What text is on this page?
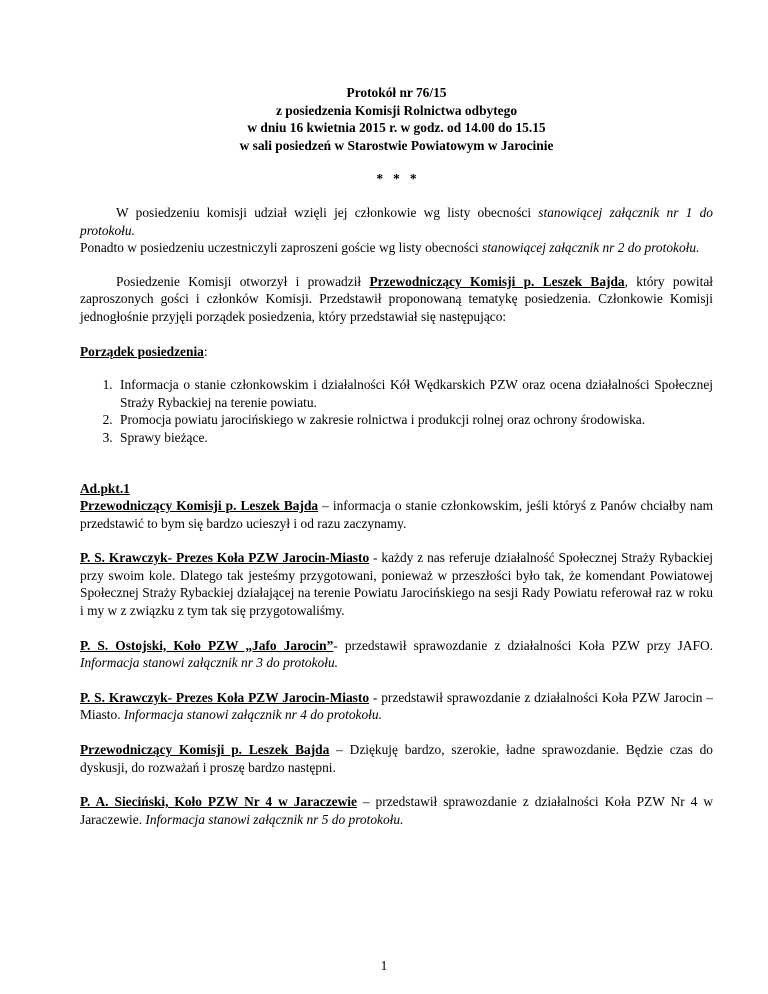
Protokół nr 76/15
z posiedzenia Komisji Rolnictwa odbytego
w dniu 16 kwietnia 2015 r. w godz. od 14.00 do 15.15
w sali posiedzeń w Starostwie Powiatowym w Jarocinie
*   *   *

W posiedzeniu komisji udział wzięli jej członkowie wg listy obecności stanowiącej załącznik nr 1 do protokołu.

Ponadto w posiedzeniu uczestniczyli zaproszeni goście wg listy obecności stanowiącej załącznik nr 2 do protokołu.

Posiedzenie Komisji otworzył i prowadził Przewodniczący Komisji p. Leszek Bajda, który powitał zaproszonych gości i członków Komisji. Przedstawił proponowaną tematykę posiedzenia. Członkowie Komisji jednogłośnie przyjęli porządek posiedzenia, który przedstawiał się następująco:

Porządek posiedzenia:

1. Informacja o stanie członkowskim i działalności Kół Wędkarskich PZW oraz ocena działalności Społecznej Straży Rybackiej na terenie powiatu.
2. Promocja powiatu jarocińskiego w zakresie rolnictwa i produkcji rolnej oraz ochrony środowiska.
3. Sprawy bieżące.

Ad.pkt.1

Przewodniczący Komisji p. Leszek Bajda – informacja o stanie członkowskim, jeśli któryś z Panów chciałby nam przedstawić to bym się bardzo ucieszył i od razu zaczynamy.

P. S. Krawczyk- Prezes Koła PZW Jarocin-Miasto - każdy z nas referuje działalność Społecznej Straży Rybackiej przy swoim kole. Dlatego tak jesteśmy przygotowani, ponieważ w przeszłości było tak, że komendant Powiatowej Społecznej Straży Rybackiej działającej na terenie Powiatu Jarocińskiego na sesji Rady Powiatu referował raz w roku i my w z związku z tym tak się przygotowaliśmy.

P. S. Ostojski, Koło PZW „Jafo Jarocin”- przedstawił sprawozdanie z działalności Koła PZW przy JAFO. Informacja stanowi załącznik nr 3 do protokołu.

P. S. Krawczyk- Prezes Koła PZW Jarocin-Miasto - przedstawił sprawozdanie z działalności Koła PZW Jarocin – Miasto. Informacja stanowi załącznik nr 4 do protokołu.

Przewodniczący Komisji p. Leszek Bajda – Dziękuję bardzo, szerokie, ładne sprawozdanie. Będzie czas do dyskusji, do rozważań i proszę bardzo następni.

P. A. Sieciński, Koło PZW Nr 4 w Jaraczewie – przedstawił sprawozdanie z działalności Koła PZW Nr 4 w Jaraczewie. Informacja stanowi załącznik nr 5 do protokołu.

1
